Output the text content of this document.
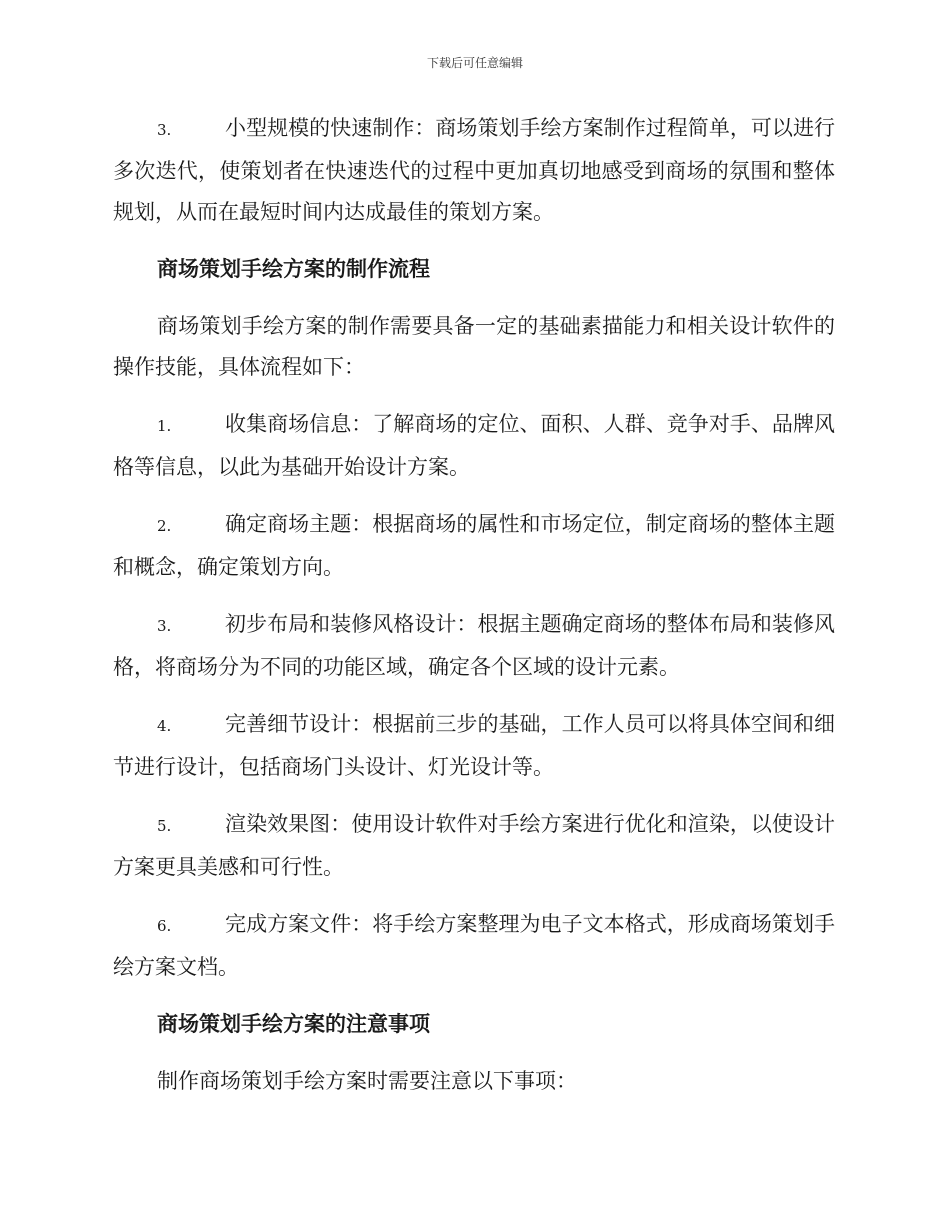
下载后可任意编辑

3.	小型规模的快速制作：商场策划手绘方案制作过程简单，可以进行多次迭代，使策划者在快速迭代的过程中更加真切地感受到商场的氛围和整体规划，从而在最短时间内达成最佳的策划方案。

商场策划手绘方案的制作流程

商场策划手绘方案的制作需要具备一定的基础素描能力和相关设计软件的操作技能，具体流程如下：

1.	收集商场信息：了解商场的定位、面积、人群、竞争对手、品牌风格等信息，以此为基础开始设计方案。

2.	确定商场主题：根据商场的属性和市场定位，制定商场的整体主题和概念，确定策划方向。

3.	初步布局和装修风格设计：根据主题确定商场的整体布局和装修风格，将商场分为不同的功能区域，确定各个区域的设计元素。

4.	完善细节设计：根据前三步的基础，工作人员可以将具体空间和细节进行设计，包括商场门头设计、灯光设计等。

5.	渲染效果图：使用设计软件对手绘方案进行优化和渲染，以使设计方案更具美感和可行性。

6.	完成方案文件：将手绘方案整理为电子文本格式，形成商场策划手绘方案文档。

商场策划手绘方案的注意事项

制作商场策划手绘方案时需要注意以下事项：
